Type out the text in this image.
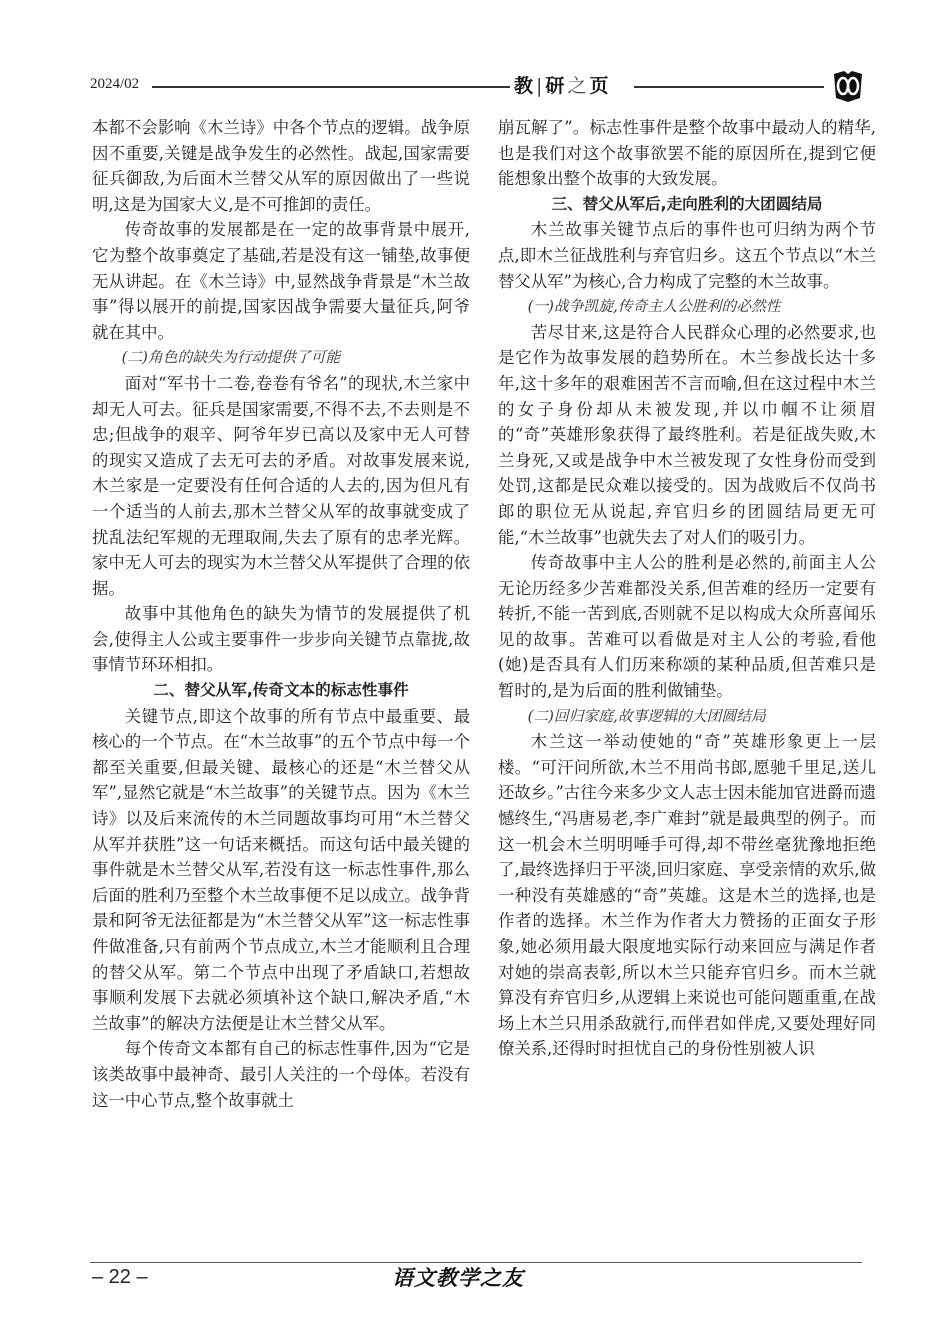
2024/02	教|研之页

本都不会影响《木兰诗》中各个节点的逻辑。战争原因不重要,关键是战争发生的必然性。战起,国家需要征兵御敌,为后面木兰替父从军的原因做出了一些说明,这是为国家大义,是不可推卸的责任。

传奇故事的发展都是在一定的故事背景中展开,它为整个故事奠定了基础,若是没有这一铺垫,故事便无从讲起。在《木兰诗》中,显然战争背景是“木兰故事”得以展开的前提,国家因战争需要大量征兵,阿爷就在其中。

(二)角色的缺失为行动提供了可能

面对“军书十二卷,卷卷有爷名”的现状,木兰家中却无人可去。征兵是国家需要,不得不去,不去则是不忠;但战争的艰辛、阿爷年岁已高以及家中无人可替的现实又造成了去无可去的矛盾。对故事发展来说,木兰家是一定要没有任何合适的人去的,因为但凡有一个适当的人前去,那木兰替父从军的故事就变成了扰乱法纪军规的无理取闹,失去了原有的忠孝光辉。家中无人可去的现实为木兰替父从军提供了合理的依据。

故事中其他角色的缺失为情节的发展提供了机会,使得主人公或主要事件一步步向关键节点靠拢,故事情节环环相扣。

二、替父从军,传奇文本的标志性事件

关键节点,即这个故事的所有节点中最重要、最核心的一个节点。在“木兰故事”的五个节点中每一个都至关重要,但最关键、最核心的还是“木兰替父从军”,显然它就是“木兰故事”的关键节点。因为《木兰诗》以及后来流传的木兰同题故事均可用“木兰替父从军并获胜”这一句话来概括。而这句话中最关键的事件就是木兰替父从军,若没有这一标志性事件,那么后面的胜利乃至整个木兰故事便不足以成立。战争背景和阿爷无法征都是为“木兰替父从军”这一标志性事件做准备,只有前两个节点成立,木兰才能顺利且合理的替父从军。第二个节点中出现了矛盾缺口,若想故事顺利发展下去就必须填补这个缺口,解决矛盾,“木兰故事”的解决方法便是让木兰替父从军。

每个传奇文本都有自己的标志性事件,因为“它是该类故事中最神奇、最引人关注的一个母体。若没有这一中心节点,整个故事就土

崩瓦解了”。标志性事件是整个故事中最动人的精华,也是我们对这个故事欲罢不能的原因所在,提到它便能想象出整个故事的大致发展。

三、替父从军后,走向胜利的大团圆结局

木兰故事关键节点后的事件也可归纳为两个节点,即木兰征战胜利与弃官归乡。这五个节点以“木兰替父从军”为核心,合力构成了完整的木兰故事。

(一)战争凯旋,传奇主人公胜利的必然性

苦尽甘来,这是符合人民群众心理的必然要求,也是它作为故事发展的趋势所在。木兰参战长达十多年,这十多年的艰难困苦不言而喻,但在这过程中木兰的女子身份却从未被发现,并以巾帼不让须眉的“奇”英雄形象获得了最终胜利。若是征战失败,木兰身死,又或是战争中木兰被发现了女性身份而受到处罚,这都是民众难以接受的。因为战败后不仅尚书郎的职位无从说起,弃官归乡的团圆结局更无可能,“木兰故事”也就失去了对人们的吸引力。

传奇故事中主人公的胜利是必然的,前面主人公无论历经多少苦难都没关系,但苦难的经历一定要有转折,不能一苦到底,否则就不足以构成大众所喜闻乐见的故事。苦难可以看做是对主人公的考验,看他(她)是否具有人们历来称颂的某种品质,但苦难只是暂时的,是为后面的胜利做铺垫。

(二)回归家庭,故事逻辑的大团圆结局

木兰这一举动使她的“奇”英雄形象更上一层楼。“可汗问所欲,木兰不用尚书郎,愿驰千里足,送儿还故乡。”古往今来多少文人志士因未能加官进爵而遗憾终生,“冯唐易老,李广难封”就是最典型的例子。而这一机会木兰明明唾手可得,却不带丝毫犹豫地拒绝了,最终选择归于平淡,回归家庭、享受亲情的欢乐,做一种没有英雄感的“奇”英雄。这是木兰的选择,也是作者的选择。木兰作为作者大力赞扬的正面女子形象,她必须用最大限度地实际行动来回应与满足作者对她的崇高表彰,所以木兰只能弃官归乡。而木兰就算没有弃官归乡,从逻辑上来说也可能问题重重,在战场上木兰只用杀敌就行,而伴君如伴虎,又要处理好同僚关系,还得时时担忧自己的身份性别被人识

– 22 –	语文教学之友
